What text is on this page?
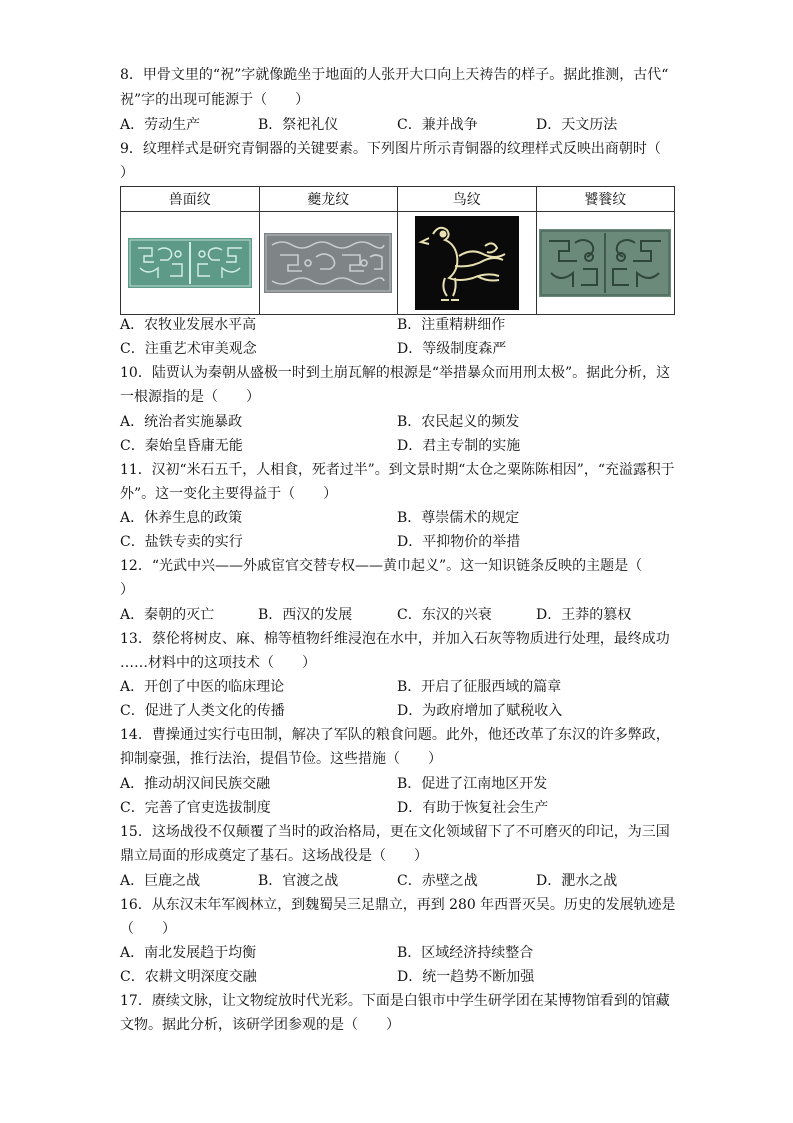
8．甲骨文里的“祝”字就像跪坐于地面的人张开大口向上天祷告的样子。据此推测，古代“
祝”字的出现可能源于（　　）
A．劳动生产	B．祭祀礼仪	C．兼并战争	D．天文历法
9．纹理样式是研究青铜器的关键要素。下列图片所示青铜器的纹理样式反映出商朝时（
）
兽面纹	夔龙纹	鸟纹	饕餮纹

A．农牧业发展水平高	B．注重精耕细作
C．注重艺术审美观念	D．等级制度森严
10．陆贾认为秦朝从盛极一时到土崩瓦解的根源是“举措暴众而用刑太极”。据此分析，这
一根源指的是（　　）
A．统治者实施暴政	B．农民起义的频发
C．秦始皇昏庸无能	D．君主专制的实施
11．汉初“米石五千，人相食，死者过半”。到文景时期“太仓之粟陈陈相因”，“充溢露积于
外”。这一变化主要得益于（　　）
A．休养生息的政策	B．尊崇儒术的规定
C．盐铁专卖的实行	D．平抑物价的举措
12．“光武中兴——外戚宦官交替专权——黄巾起义”。这一知识链条反映的主题是（
）
A．秦朝的灭亡	B．西汉的发展	C．东汉的兴衰	D．王莽的篡权
13．蔡伦将树皮、麻、棉等植物纤维浸泡在水中，并加入石灰等物质进行处理，最终成功
……材料中的这项技术（　　）
A．开创了中医的临床理论	B．开启了征服西域的篇章
C．促进了人类文化的传播	D．为政府增加了赋税收入
14．曹操通过实行屯田制，解决了军队的粮食问题。此外，他还改革了东汉的许多弊政，
抑制豪强，推行法治，提倡节俭。这些措施（　　）
A．推动胡汉间民族交融	B．促进了江南地区开发
C．完善了官吏选拔制度	D．有助于恢复社会生产
15．这场战役不仅颠覆了当时的政治格局，更在文化领域留下了不可磨灭的印记，为三国
鼎立局面的形成奠定了基石。这场战役是（　　）
A．巨鹿之战	B．官渡之战	C．赤壁之战	D．淝水之战
16．从东汉末年军阀林立，到魏蜀吴三足鼎立，再到 280 年西晋灭吴。历史的发展轨迹是
（　　）
A．南北发展趋于均衡	B．区域经济持续整合
C．农耕文明深度交融	D．统一趋势不断加强
17．赓续文脉，让文物绽放时代光彩。下面是白银市中学生研学团在某博物馆看到的馆藏
文物。据此分析，该研学团参观的是（　　）
